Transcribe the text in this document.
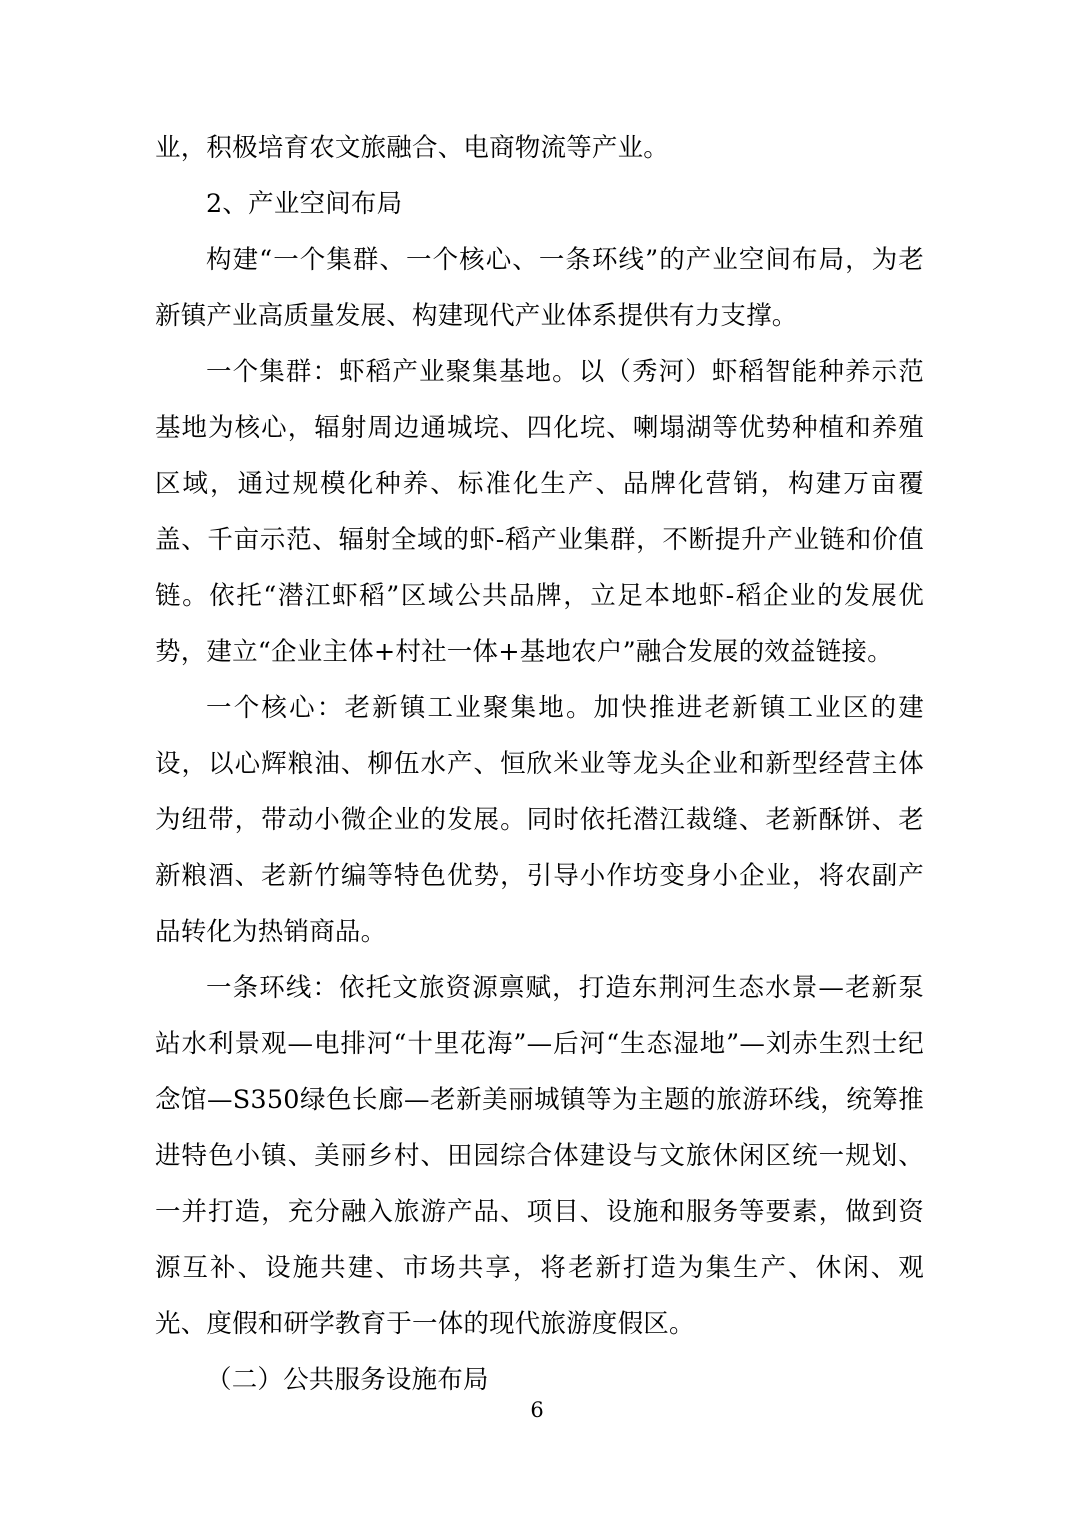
业，积极培育农文旅融合、电商物流等产业。

2、产业空间布局

构建“一个集群、一个核心、一条环线”的产业空间布局，为老新镇产业高质量发展、构建现代产业体系提供有力支撑。

一个集群：虾稻产业聚集基地。以（秀河）虾稻智能种养示范基地为核心，辐射周边通城垸、四化垸、喇塌湖等优势种植和养殖区域，通过规模化种养、标准化生产、品牌化营销，构建万亩覆盖、千亩示范、辐射全域的虾-稻产业集群，不断提升产业链和价值链。依托“潜江虾稻”区域公共品牌，立足本地虾-稻企业的发展优势，建立“企业主体+村社一体+基地农户”融合发展的效益链接。

一个核心：老新镇工业聚集地。加快推进老新镇工业区的建设，以心辉粮油、柳伍水产、恒欣米业等龙头企业和新型经营主体为纽带，带动小微企业的发展。同时依托潜江裁缝、老新酥饼、老新粮酒、老新竹编等特色优势，引导小作坊变身小企业，将农副产品转化为热销商品。

一条环线：依托文旅资源禀赋，打造东荆河生态水景—老新泵站水利景观—电排河“十里花海”—后河“生态湿地”—刘赤生烈士纪念馆—S350绿色长廊—老新美丽城镇等为主题的旅游环线，统筹推进特色小镇、美丽乡村、田园综合体建设与文旅休闲区统一规划、一并打造，充分融入旅游产品、项目、设施和服务等要素，做到资源互补、设施共建、市场共享，将老新打造为集生产、休闲、观光、度假和研学教育于一体的现代旅游度假区。

（二）公共服务设施布局

6
